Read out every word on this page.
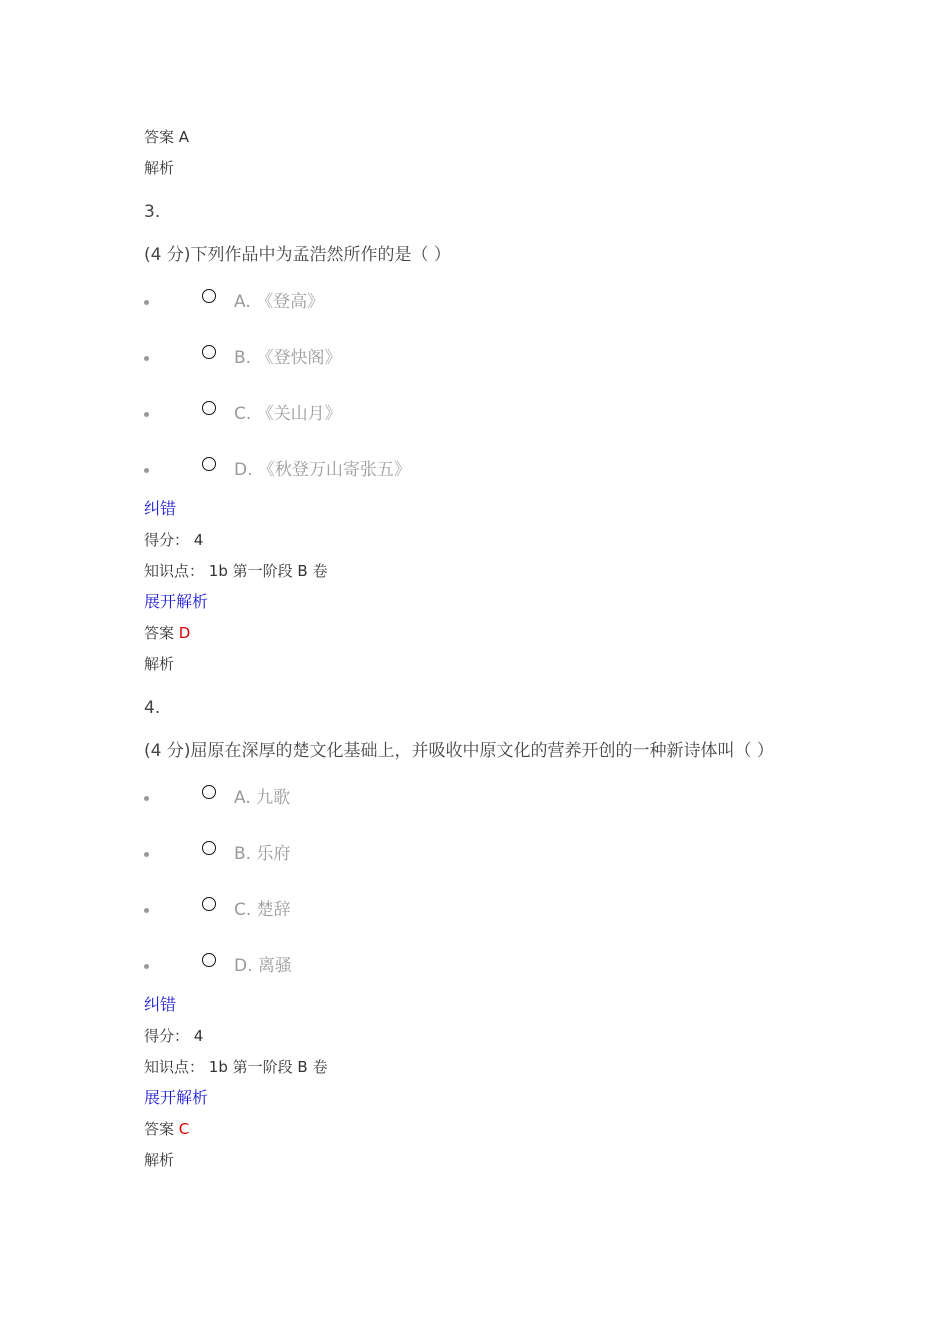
答案 A
解析
3.
(4 分)下列作品中为孟浩然所作的是（ ）
A. 《登高》
B. 《登快阁》
C. 《关山月》
D. 《秋登万山寄张五》
纠错
得分： 4
知识点： 1b 第一阶段 B 卷
展开解析
答案 D
解析
4.
(4 分)屈原在深厚的楚文化基础上，并吸收中原文化的营养开创的一种新诗体叫（ ）
A. 九歌
B. 乐府
C. 楚辞
D. 离骚
纠错
得分： 4
知识点： 1b 第一阶段 B 卷
展开解析
答案 C
解析
